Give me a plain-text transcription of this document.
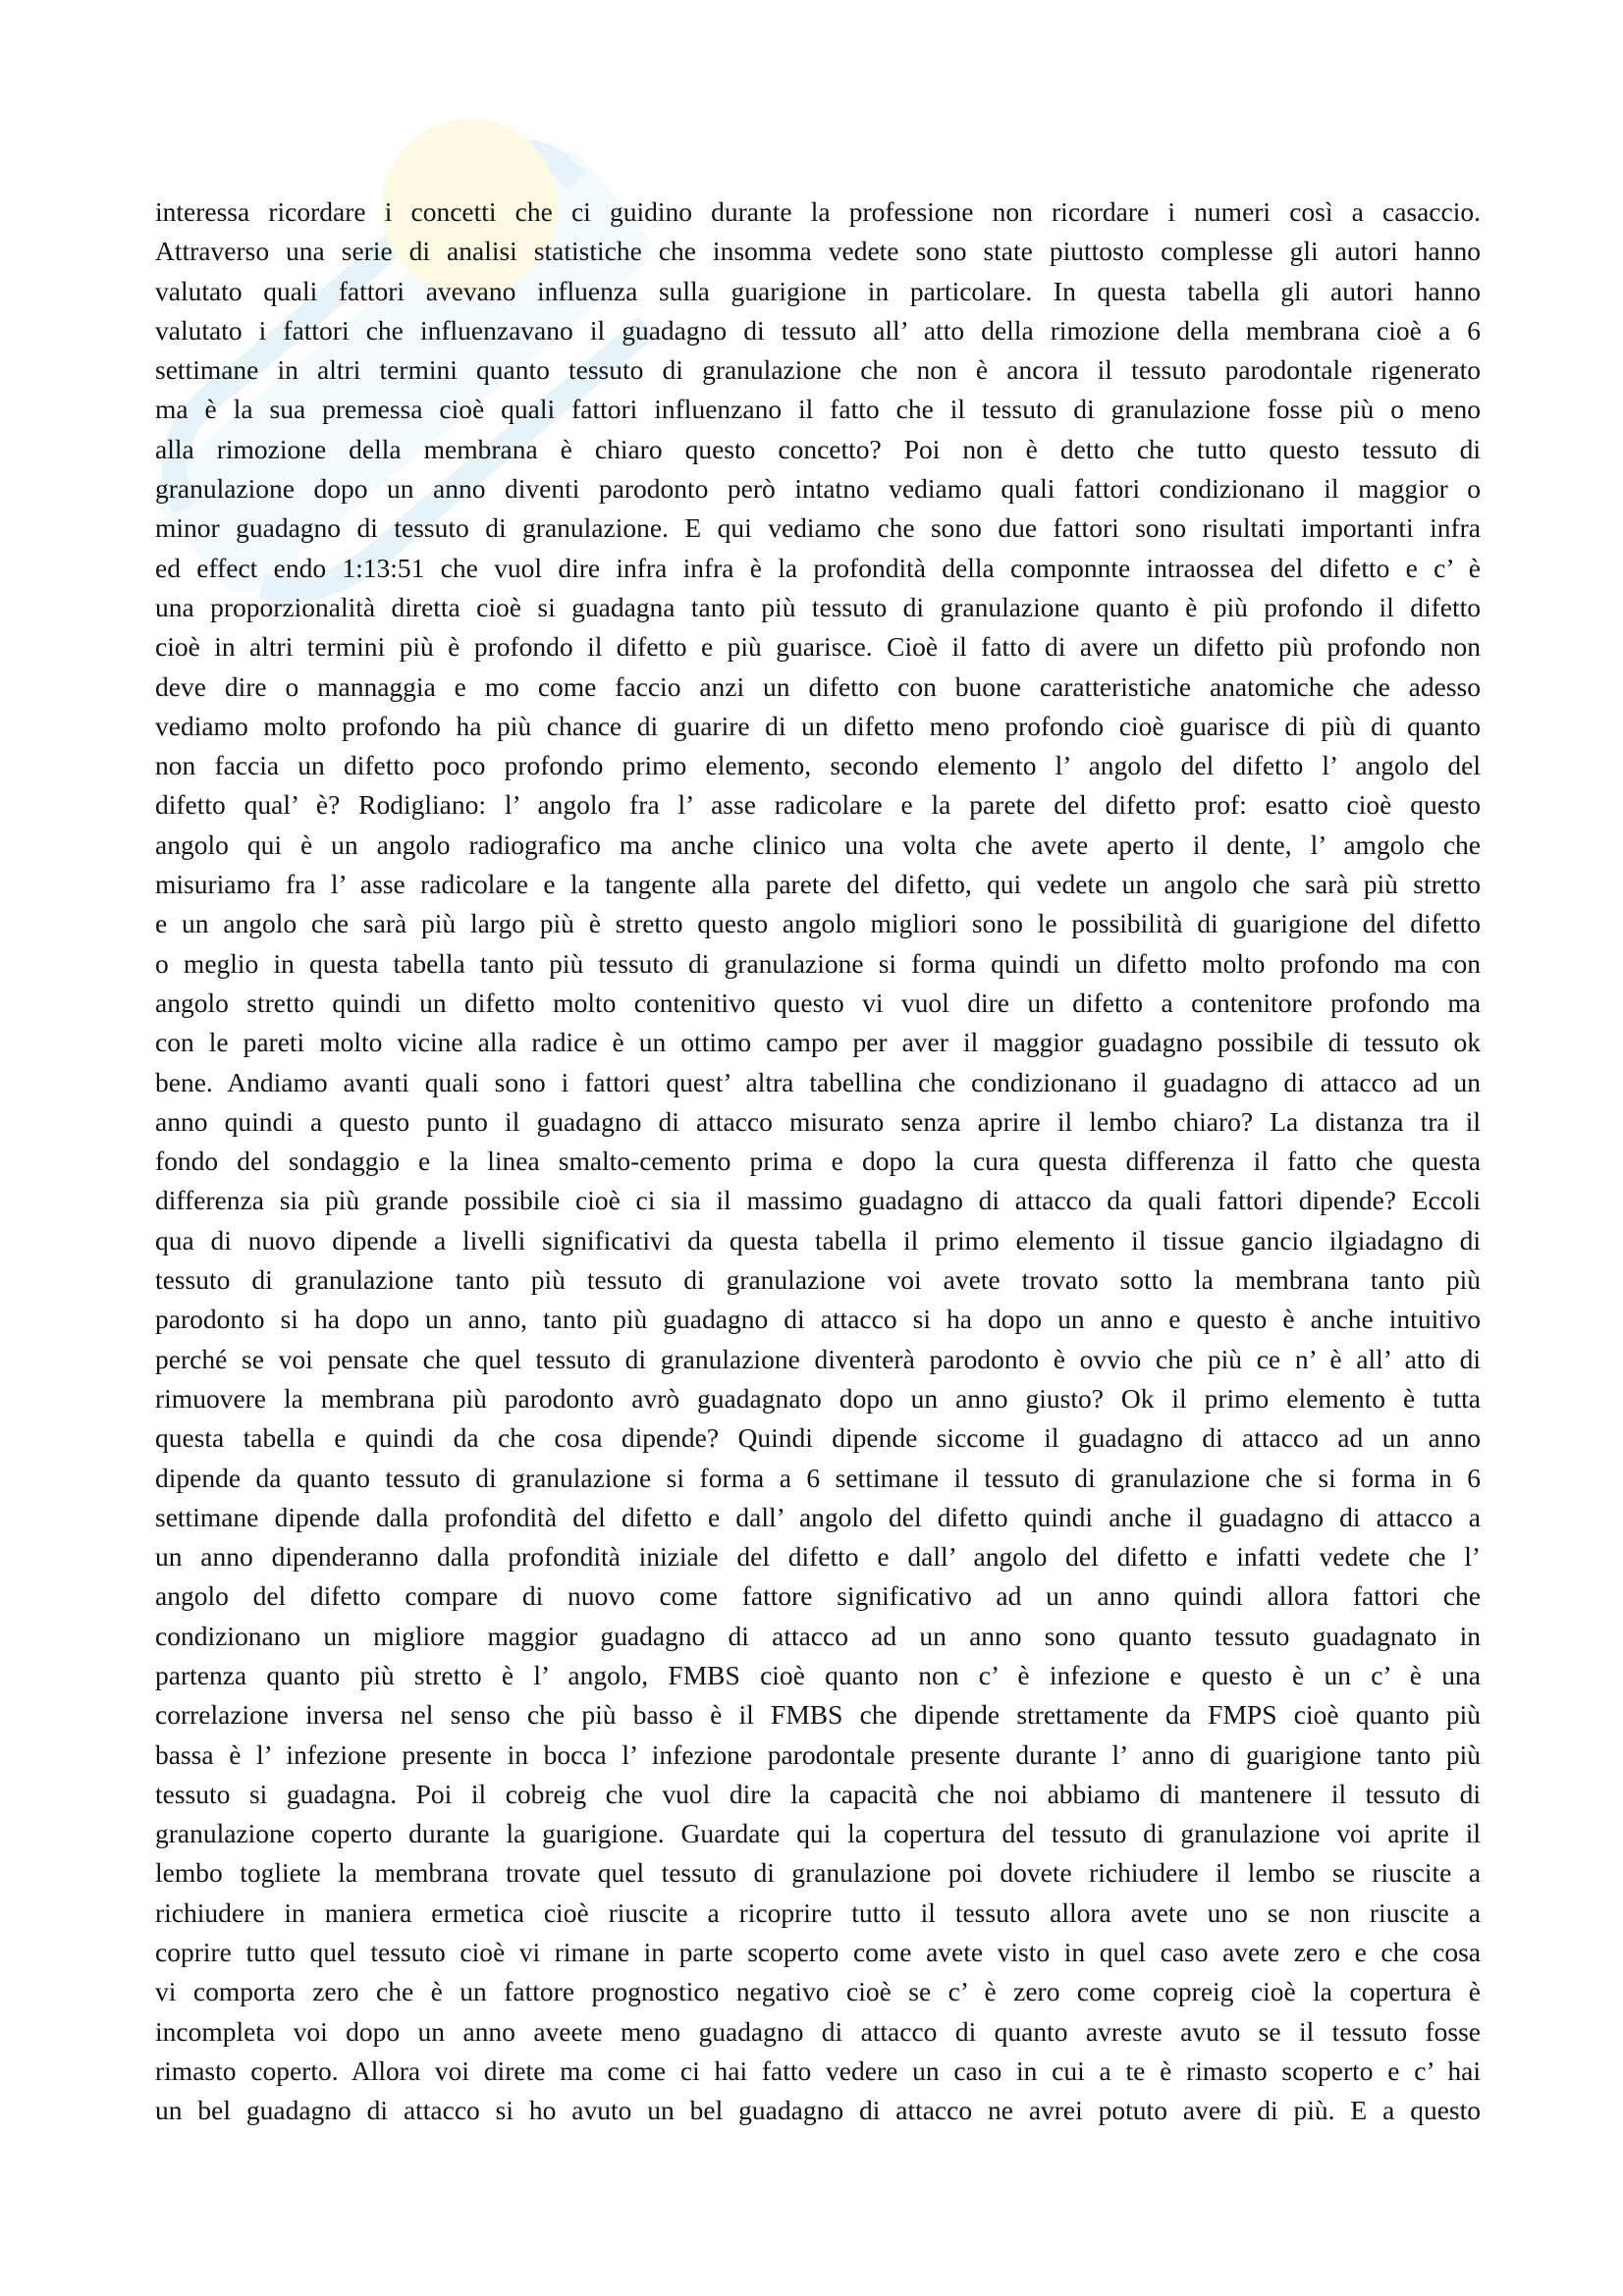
interessa ricordare i concetti che ci guidino durante la professione non ricordare i numeri così a casaccio.
Attraverso una serie di analisi statistiche che insomma vedete sono state piuttosto complesse gli autori hanno
valutato quali fattori avevano influenza sulla guarigione in particolare. In questa tabella gli autori hanno
valutato i fattori che influenzavano il guadagno di tessuto all’ atto della rimozione della membrana cioè a 6
settimane in altri termini quanto tessuto di granulazione che non è ancora il tessuto parodontale rigenerato
ma è la sua premessa cioè quali fattori influenzano il fatto che il tessuto di granulazione fosse più o meno
alla rimozione della membrana è chiaro questo concetto? Poi non è detto che tutto questo tessuto di
granulazione dopo un anno diventi parodonto però intatno vediamo quali fattori condizionano il maggior o
minor guadagno di tessuto di granulazione. E qui vediamo che sono due fattori sono risultati importanti infra
ed effect endo 1:13:51 che vuol dire infra infra è la profondità della componnte intraossea del difetto e c’ è
una proporzionalità diretta cioè si guadagna tanto più tessuto di granulazione quanto è più profondo il difetto
cioè in altri termini più è profondo il difetto e più guarisce. Cioè il fatto di avere un difetto più profondo non
deve dire o mannaggia e mo come faccio anzi un difetto con buone caratteristiche anatomiche che adesso
vediamo molto profondo ha più chance di guarire di un difetto meno profondo cioè guarisce di più di quanto
non faccia un difetto poco profondo primo elemento, secondo elemento l’ angolo del difetto l’ angolo del
difetto qual’ è? Rodigliano: l’ angolo fra l’ asse radicolare e la parete del difetto prof: esatto cioè questo
angolo qui è un angolo radiografico ma anche clinico una volta che avete aperto il dente, l’ amgolo che
misuriamo fra l’ asse radicolare e la tangente alla parete del difetto, qui vedete un angolo che sarà più stretto
e un angolo che sarà più largo più è stretto questo angolo migliori sono le possibilità di guarigione del difetto
o meglio in questa tabella tanto più tessuto di granulazione si forma quindi un difetto molto profondo ma con
angolo stretto quindi un difetto molto contenitivo questo vi vuol dire un difetto a contenitore profondo ma
con le pareti molto vicine alla radice è un ottimo campo per aver il maggior guadagno possibile di tessuto ok
bene. Andiamo avanti quali sono i fattori quest’ altra tabellina che condizionano il guadagno di attacco ad un
anno quindi a questo punto il guadagno di attacco misurato senza aprire il lembo chiaro? La distanza tra il
fondo del sondaggio e la linea smalto-cemento prima e dopo la cura questa differenza il fatto che questa
differenza sia più grande possibile cioè ci sia il massimo guadagno di attacco da quali fattori dipende? Eccoli
qua di nuovo dipende a livelli significativi da questa tabella il primo elemento il tissue gancio ilgiadagno di
tessuto di granulazione tanto più tessuto di granulazione voi avete trovato sotto la membrana tanto più
parodonto si ha dopo un anno, tanto più guadagno di attacco si ha dopo un anno e questo è anche intuitivo
perché se voi pensate che quel tessuto di granulazione diventerà parodonto è ovvio che più ce n’ è all’ atto di
rimuovere la membrana più parodonto avrò guadagnato dopo un anno giusto? Ok il primo elemento è tutta
questa tabella e quindi da che cosa dipende? Quindi dipende siccome il guadagno di attacco ad un anno
dipende da quanto tessuto di granulazione si forma a 6 settimane il tessuto di granulazione che si forma in 6
settimane dipende dalla profondità del difetto e dall’ angolo del difetto quindi anche il guadagno di attacco a
un anno dipenderanno dalla profondità iniziale del difetto e dall’ angolo del difetto e infatti vedete che l’
angolo del difetto compare di nuovo come fattore significativo ad un anno quindi allora fattori che
condizionano un migliore maggior guadagno di attacco ad un anno sono quanto tessuto guadagnato in
partenza quanto più stretto è l’ angolo, FMBS cioè quanto non c’ è infezione e questo è un c’ è una
correlazione inversa nel senso che più basso è il FMBS che dipende strettamente da FMPS cioè quanto più
bassa è l’ infezione presente in bocca l’ infezione parodontale presente durante l’ anno di guarigione tanto più
tessuto si guadagna. Poi il cobreig che vuol dire la capacità che noi abbiamo di mantenere il tessuto di
granulazione coperto durante la guarigione. Guardate qui la copertura del tessuto di granulazione voi aprite il
lembo togliete la membrana trovate quel tessuto di granulazione poi dovete richiudere il lembo se riuscite a
richiudere in maniera ermetica cioè riuscite a ricoprire tutto il tessuto allora avete uno se non riuscite a
coprire tutto quel tessuto cioè vi rimane in parte scoperto come avete visto in quel caso avete zero e che cosa
vi comporta zero che è un fattore prognostico negativo cioè se c’ è zero come copreig cioè la copertura è
incompleta voi dopo un anno aveete meno guadagno di attacco di quanto avreste avuto se il tessuto fosse
rimasto coperto. Allora voi direte ma come ci hai fatto vedere un caso in cui a te è rimasto scoperto e c’ hai
un bel guadagno di attacco si ho avuto un bel guadagno di attacco ne avrei potuto avere di più. E a questo
